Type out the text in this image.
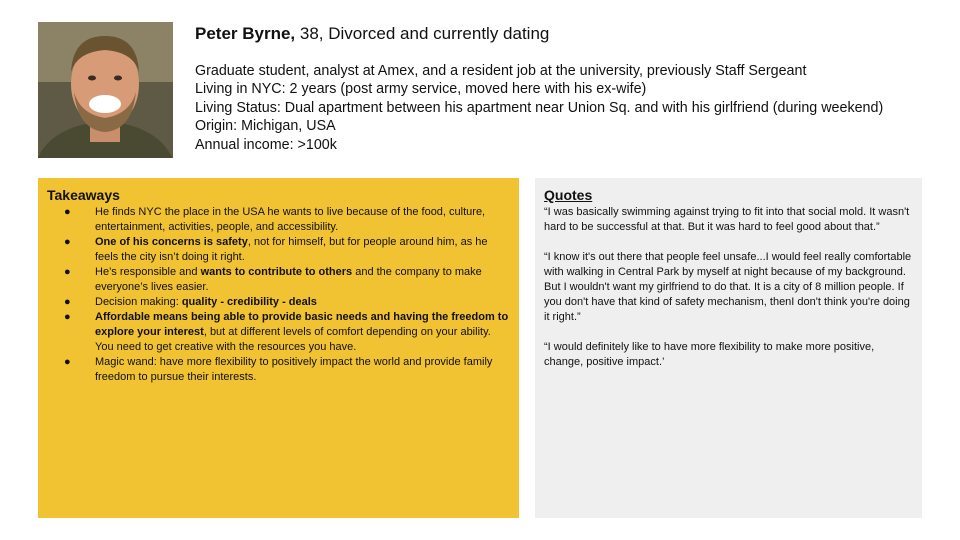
Peter Byrne, 38, Divorced and currently dating
Graduate student, analyst at Amex, and a resident job at the university, previously Staff Sergeant
Living in NYC: 2 years (post army service, moved here with his ex-wife)
Living Status: Dual apartment between his apartment near Union Sq. and with his girlfriend (during weekend)
Origin: Michigan, USA
Annual income: >100k
Takeaways
● He finds NYC the place in the USA he wants to live because of the food, culture, entertainment, activities, people, and accessibility.
● One of his concerns is safety, not for himself, but for people around him, as he feels the city isn’t doing it right.
● He’s responsible and wants to contribute to others and the company to make everyone’s lives easier.
● Decision making: quality - credibility - deals
● Affordable means being able to provide basic needs and having the freedom to explore your interest, but at different levels of comfort depending on your ability. You need to get creative with the resources you have.
● Magic wand: have more flexibility to positively impact the world and provide family freedom to pursue their interests.
Quotes

“I was basically swimming against trying to fit into that social mold. It wasn't hard to be successful at that. But it was hard to feel good about that.”

“I know it's out there that people feel unsafe...I would feel really comfortable with walking in Central Park by myself at night because of my background. But I wouldn't want my girlfriend to do that. It is a city of 8 million people. If you don't have that kind of safety mechanism, thenI don't think you're doing it right.”

“I would definitely like to have more flexibility to make more positive, change, positive impact.’
